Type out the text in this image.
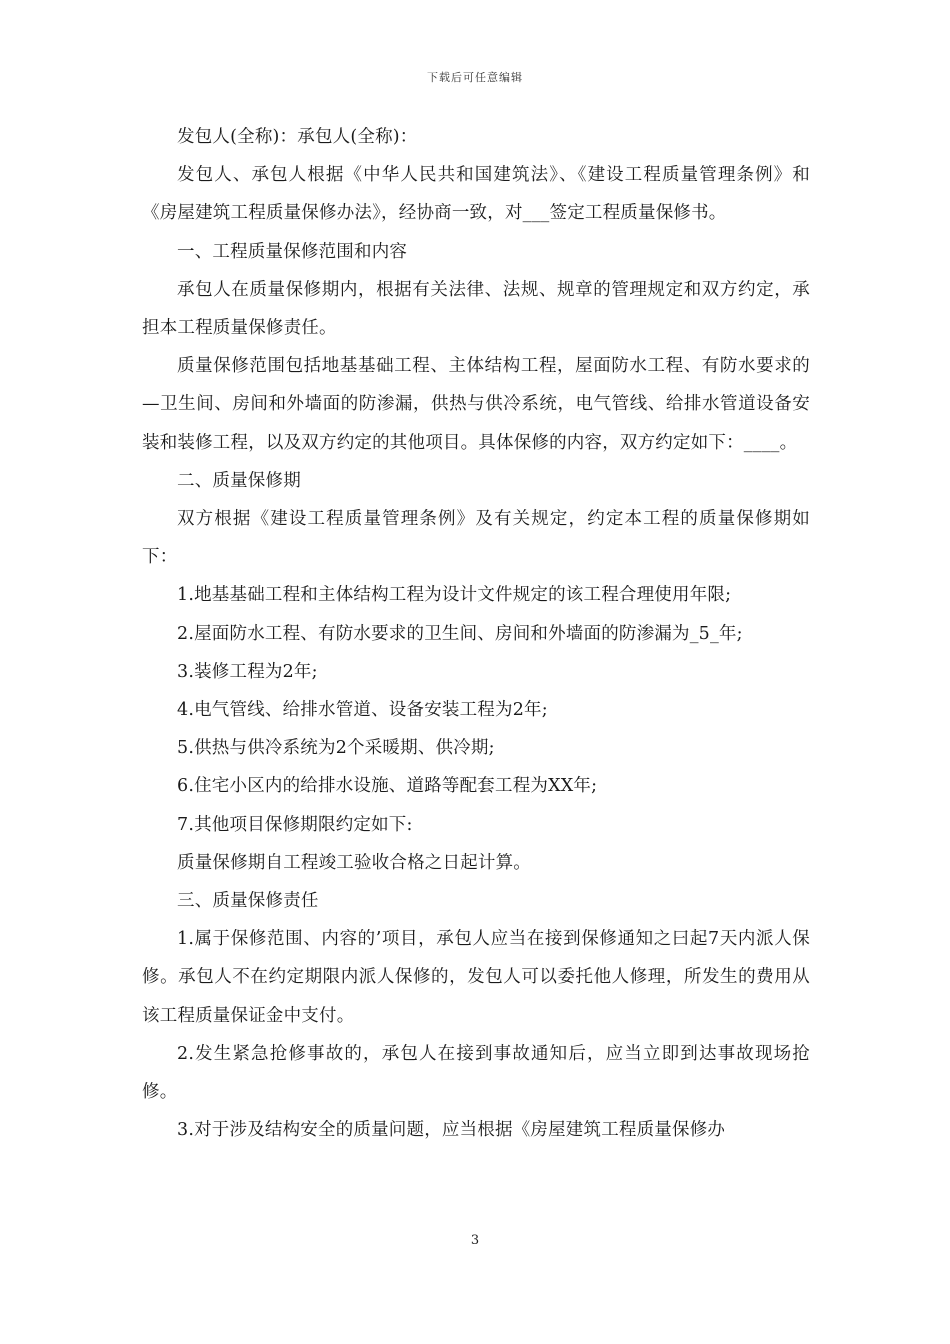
下载后可任意编辑

发包人(全称)：承包人(全称)：

发包人、承包人根据《中华人民共和国建筑法》、《建设工程质量管理条例》和《房屋建筑工程质量保修办法》，经协商一致，对___签定工程质量保修书。

一、工程质量保修范围和内容

承包人在质量保修期内，根据有关法律、法规、规章的管理规定和双方约定，承担本工程质量保修责任。

质量保修范围包括地基基础工程、主体结构工程，屋面防水工程、有防水要求的—卫生间、房间和外墙面的防渗漏，供热与供冷系统，电气管线、给排水管道设备安装和装修工程，以及双方约定的其他项目。具体保修的内容，双方约定如下：____。

二、质量保修期

双方根据《建设工程质量管理条例》及有关规定，约定本工程的质量保修期如下：

1.地基基础工程和主体结构工程为设计文件规定的该工程合理使用年限;

2.屋面防水工程、有防水要求的卫生间、房间和外墙面的防渗漏为_5_年;

3.装修工程为2年;

4.电气管线、给排水管道、设备安装工程为2年;

5.供热与供冷系统为2个采暖期、供冷期;

6.住宅小区内的给排水设施、道路等配套工程为XX年;

7.其他项目保修期限约定如下:

质量保修期自工程竣工验收合格之日起计算。

三、质量保修责任

1.属于保修范围、内容的’项目，承包人应当在接到保修通知之曰起7天内派人保修。承包人不在约定期限内派人保修的，发包人可以委托他人修理，所发生的费用从该工程质量保证金中支付。

2.发生紧急抢修事故的，承包人在接到事故通知后，应当立即到达事故现场抢修。

3.对于涉及结构安全的质量问题，应当根据《房屋建筑工程质量保修办

3
